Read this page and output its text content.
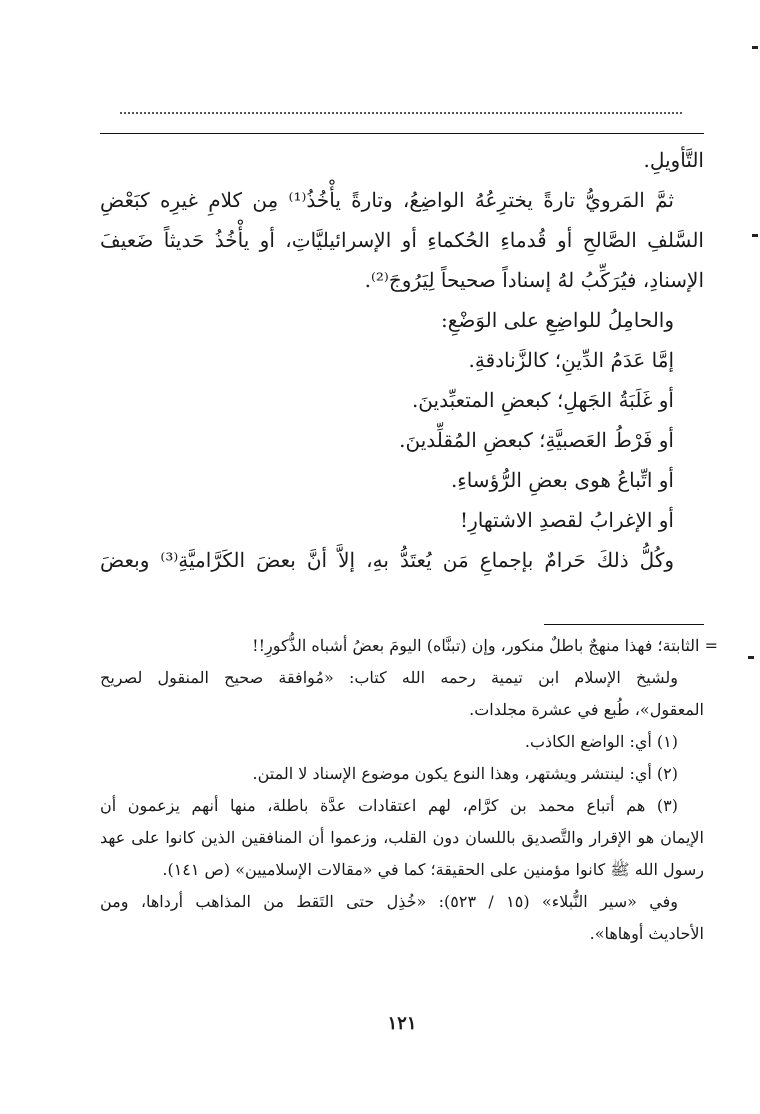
التَّأويلِ.
ثمَّ المَرويُّ تارةً يخترِعُهُ الواضِعُ، وتارةً يأْخُذُ⁽¹⁾ مِن كلامِ غيرِه كبَعْضِ
السَّلفِ الصَّالحِ أو قُدماءِ الحُكماءِ أو الإسرائيليَّاتِ، أو يأْخُذُ حَديثاً ضَعيفَ
الإسنادِ، فيُرَكِّبُ لهُ إسناداً صحيحاً لِيَرُوجَ⁽²⁾.
والحامِلُ للواضِعِ على الوَضْعِ:
إمَّا عَدَمُ الدِّينِ؛ كالزَّنادقةِ.
أو غَلَبَةُ الجَهلِ؛ كبعضِ المتعبِّدينَ.
أو فَرْطُ العَصبيَّةِ؛ كبعضِ المُقلِّدينَ.
أو اتِّباعُ هوى بعضِ الرُّؤساءِ.
أو الإغرابُ لقصدِ الاشتهارِ!
وكُلُّ ذلكَ حَرامٌ بإجماعِ مَن يُعتَدُّ بهِ، إلاَّ أنَّ بعضَ الكَرَّاميَّةِ⁽³⁾ وبعضَ
= الثابتة؛ فهذا منهجٌ باطلٌ منكور، وإن (تبنَّاه) اليومَ بعضُ أشباه الذُّكورِ!!
ولشيخ الإسلام ابن تيمية رحمه الله كتاب: «مُوافقة صحيح المنقول لصريح
المعقول»، طُبع في عشرة مجلدات.
(١) أي: الواضع الكاذب.
(٢) أي: لينتشر ويشتهر، وهذا النوع يكون موضوع الإسناد لا المتن.
(٣) هم أتباع محمد بن كرَّام، لهم اعتقادات عدَّة باطلة، منها أنهم يزعمون أن
الإيمان هو الإقرار والتَّصديق باللسان دون القلب، وزعموا أن المنافقين الذين كانوا على عهد
رسول الله ﷺ كانوا مؤمنين على الحقيقة؛ كما في «مقالات الإسلاميين» (ص ١٤١).
وفي «سير النُّبلاء» (١٥ / ٥٢٣): «خُذِل حتى التَقط من المذاهب أرداها، ومن
الأحاديث أوهاها».
١٢١
